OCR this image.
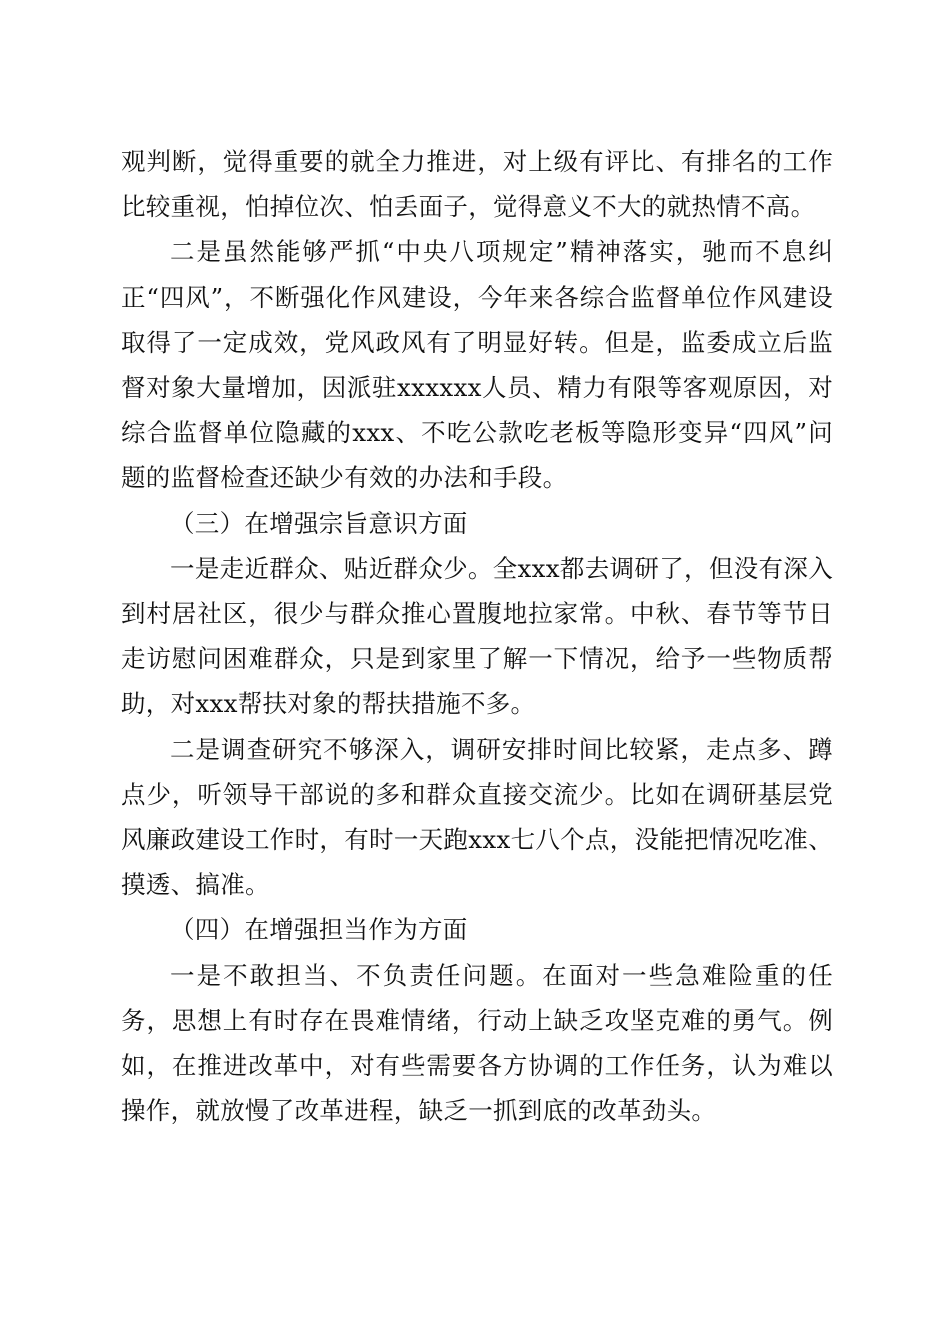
观判断，觉得重要的就全力推进，对上级有评比、有排名的工作比较重视，怕掉位次、怕丢面子，觉得意义不大的就热情不高。

二是虽然能够严抓“中央八项规定”精神落实，驰而不息纠正“四风”，不断强化作风建设，今年来各综合监督单位作风建设取得了一定成效，党风政风有了明显好转。但是，监委成立后监督对象大量增加，因派驻xxxxxx人员、精力有限等客观原因，对综合监督单位隐藏的xxx、不吃公款吃老板等隐形变异“四风”问题的监督检查还缺少有效的办法和手段。

（三）在增强宗旨意识方面

一是走近群众、贴近群众少。全xxx都去调研了，但没有深入到村居社区，很少与群众推心置腹地拉家常。中秋、春节等节日走访慰问困难群众，只是到家里了解一下情况，给予一些物质帮助，对xxx帮扶对象的帮扶措施不多。

二是调查研究不够深入，调研安排时间比较紧，走点多、蹲点少，听领导干部说的多和群众直接交流少。比如在调研基层党风廉政建设工作时，有时一天跑xxx七八个点，没能把情况吃准、摸透、搞准。

（四）在增强担当作为方面

一是不敢担当、不负责任问题。在面对一些急难险重的任务，思想上有时存在畏难情绪，行动上缺乏攻坚克难的勇气。例如，在推进改革中，对有些需要各方协调的工作任务，认为难以操作，就放慢了改革进程，缺乏一抓到底的改革劲头。
